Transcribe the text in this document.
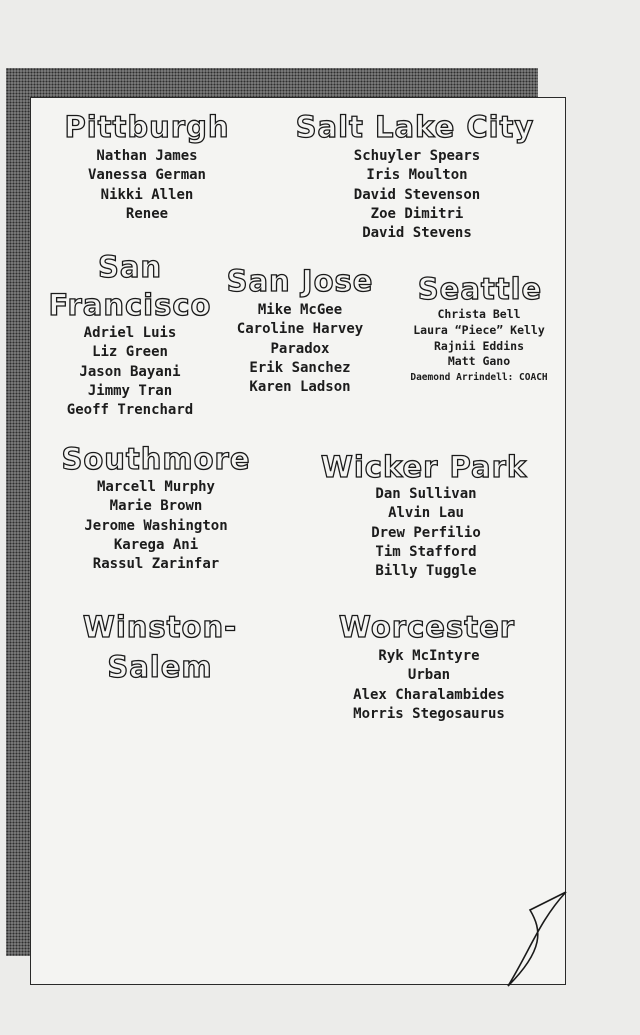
Pittburgh
Nathan James
Vanessa German
Nikki Allen
Renee
Salt Lake City
Schuyler Spears
Iris Moulton
David Stevenson
Zoe Dimitri
David Stevens
San
Francisco
Adriel Luis
Liz Green
Jason Bayani
Jimmy Tran
Geoff Trenchard
San Jose
Mike McGee
Caroline Harvey
Paradox
Erik Sanchez
Karen Ladson
Seattle
Christa Bell
Laura “Piece” Kelly
Rajnii Eddins
Matt Gano
Daemond Arrindell: COACH
Southmore
Marcell Murphy
Marie Brown
Jerome Washington
Karega Ani
Rassul Zarinfar
Wicker Park
Dan Sullivan
Alvin Lau
Drew Perfilio
Tim Stafford
Billy Tuggle
Winston-
Salem
Worcester
Ryk McIntyre
Urban
Alex Charalambides
Morris Stegosaurus
